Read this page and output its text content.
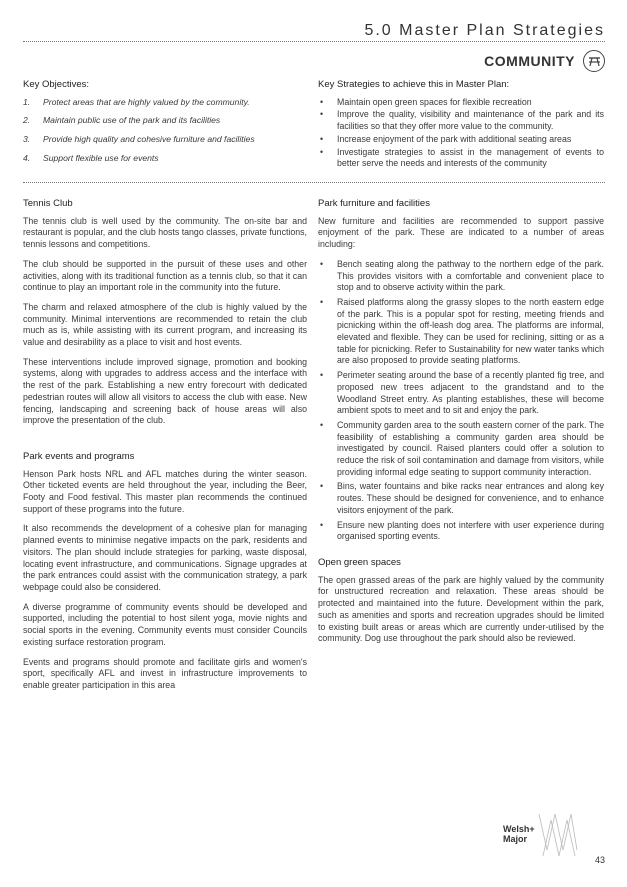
5.0 Master Plan Strategies
COMMUNITY
Key Objectives:
1.	Protect areas that are highly valued by the community.
2.	Maintain public use of the park and its facilities
3.	Provide high quality and cohesive furniture and facilities
4.	Support flexible use for events
Key Strategies to achieve this in Master Plan:
• Maintain open green spaces for flexible recreation
• Improve the quality, visibility and maintenance of the park and its facilities so that they offer more value to the community.
• Increase enjoyment of the park with additional seating areas
• Investigate strategies to assist in the management of events to better serve the needs and interests of the community
Tennis Club

The tennis club is well used by the community. The on-site bar and restaurant is popular, and the club hosts tango classes, private functions, tennis lessons and competitions.

The club should be supported in the pursuit of these uses and other activities, along with its traditional function as a tennis club, so that it can continue to play an important role in the community into the future.

The charm and relaxed atmosphere of the club is highly valued by the community. Minimal interventions are recommended to retain the club much as is, while assisting with its current program, and increasing its value and desirability as a place to visit and host events.

These interventions include improved signage, promotion and booking systems, along with upgrades to address access and the interface with the rest of the park. Establishing a new entry forecourt with dedicated pedestrian routes will allow all visitors to access the club with ease. New fencing, landscaping and screening back of house areas will also improve the presentation of the club.

Park events and programs

Henson Park hosts NRL and AFL matches during the winter season. Other ticketed events are held throughout the year, including the Beer, Footy and Food festival. This master plan recommends the continued support of these programs into the future.

It also recommends the development of a cohesive plan for managing planned events to minimise negative impacts on the park, residents and visitors. The plan should include strategies for parking, waste disposal, locating event infrastructure, and communications. Signage upgrades at the park entrances could assist with the communication strategy, a park webpage could also be considered.

A diverse programme of community events should be developed and supported, including the potential to host silent yoga, movie nights and social sports in the evening. Community events must consider Councils existing surface restoration program.

Events and programs should promote and facilitate girls and women's sport, specifically AFL and invest in infrastructure improvements to enable greater participation in this area

Park furniture and facilities

New furniture and facilities are recommended to support passive enjoyment of the park. These are indicated to a number of areas including:

• Bench seating along the pathway to the northern edge of the park. This provides visitors with a comfortable and convenient place to stop and to observe activity within the park.
• Raised platforms along the grassy slopes to the north eastern edge of the park. This is a popular spot for resting, meeting friends and picnicking within the off-leash dog area. The platforms are informal, elevated and flexible. They can be used for reclining, sitting or as a table for picnicking. Refer to Sustainability for new water tanks which are also proposed to provide seating platforms.
• Perimeter seating around the base of a recently planted fig tree, and proposed new trees adjacent to the grandstand and to the Woodland Street entry. As planting establishes, these will become ambient spots to meet and to sit and enjoy the park.
• Community garden area to the south eastern corner of the park. The feasibility of establishing a community garden area should be investigated by council. Raised planters could offer a solution to reduce the risk of soil contamination and damage from visitors, while providing informal edge seating to support community interaction.
• Bins, water fountains and bike racks near entrances and along key routes. These should be designed for convenience, and to enhance visitors enjoyment of the park.
• Ensure new planting does not interfere with user experience during organised sporting events.
Open green spaces

The open grassed areas of the park are highly valued by the community for unstructured recreation and relaxation. These areas should be protected and maintained into the future. Development within the park, such as amenities and sports and recreation upgrades should be limited to existing built areas or areas which are currently under-utilised by the community. Dog use throughout the park should also be reviewed.

Welsh+
Major
43
